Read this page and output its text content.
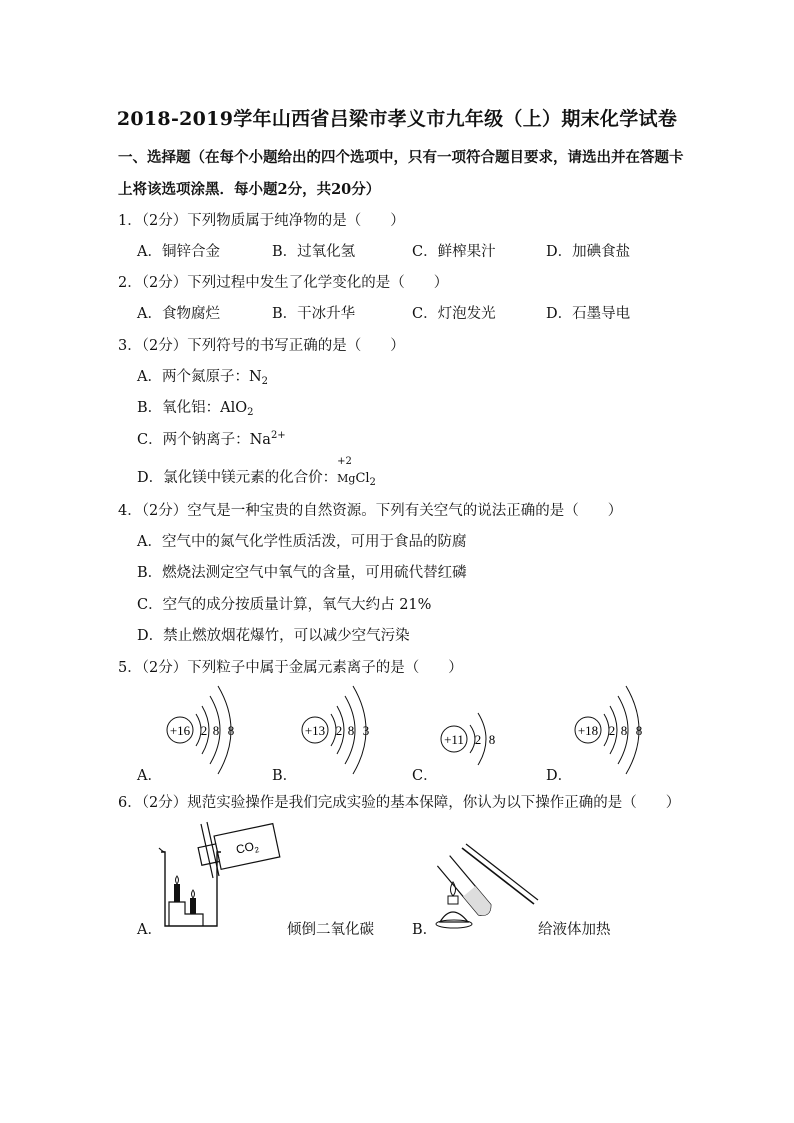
2018-2019学年山西省吕梁市孝义市九年级（上）期末化学试卷
一、选择题（在每个小题给出的四个选项中，只有一项符合题目要求，请选出并在答题卡
上将该选项涂黑．每小题2分，共20分）
1．（2分）下列物质属于纯净物的是（　　）
A．铜锌合金	B．过氧化氢	C．鲜榨果汁	D．加碘食盐
2．（2分）下列过程中发生了化学变化的是（　　）
A．食物腐烂	B．干冰升华	C．灯泡发光	D．石墨导电
3．（2分）下列符号的书写正确的是（　　）
A．两个氮原子：$N_2$
B．氧化铝：AlO$_2$
C．两个钠离子：$Na^{2+}$
D．氯化镁中镁元素的化合价：
+2
MgCl$_2$
4．（2分）空气是一种宝贵的自然资源。下列有关空气的说法正确的是（　　）
A．空气中的氮气化学性质活泼，可用于食品的防腐
B．燃烧法测定空气中氧气的含量，可用硫代替红磷
C．空气的成分按质量计算，氧气大约占 21%
D．禁止燃放烟花爆竹，可以减少空气污染
5．（2分）下列粒子中属于金属元素离子的是（　　）
A．
+16 2 8 8
B．
+13 2 8 3
C．
+11 2 8
D．
+18 2 8 8
6．（2分）规范实验操作是我们完成实验的基本保障，你认为以下操作正确的是（　　）
$CO_2$
A．	倾倒二氧化碳	B．	给液体加热
